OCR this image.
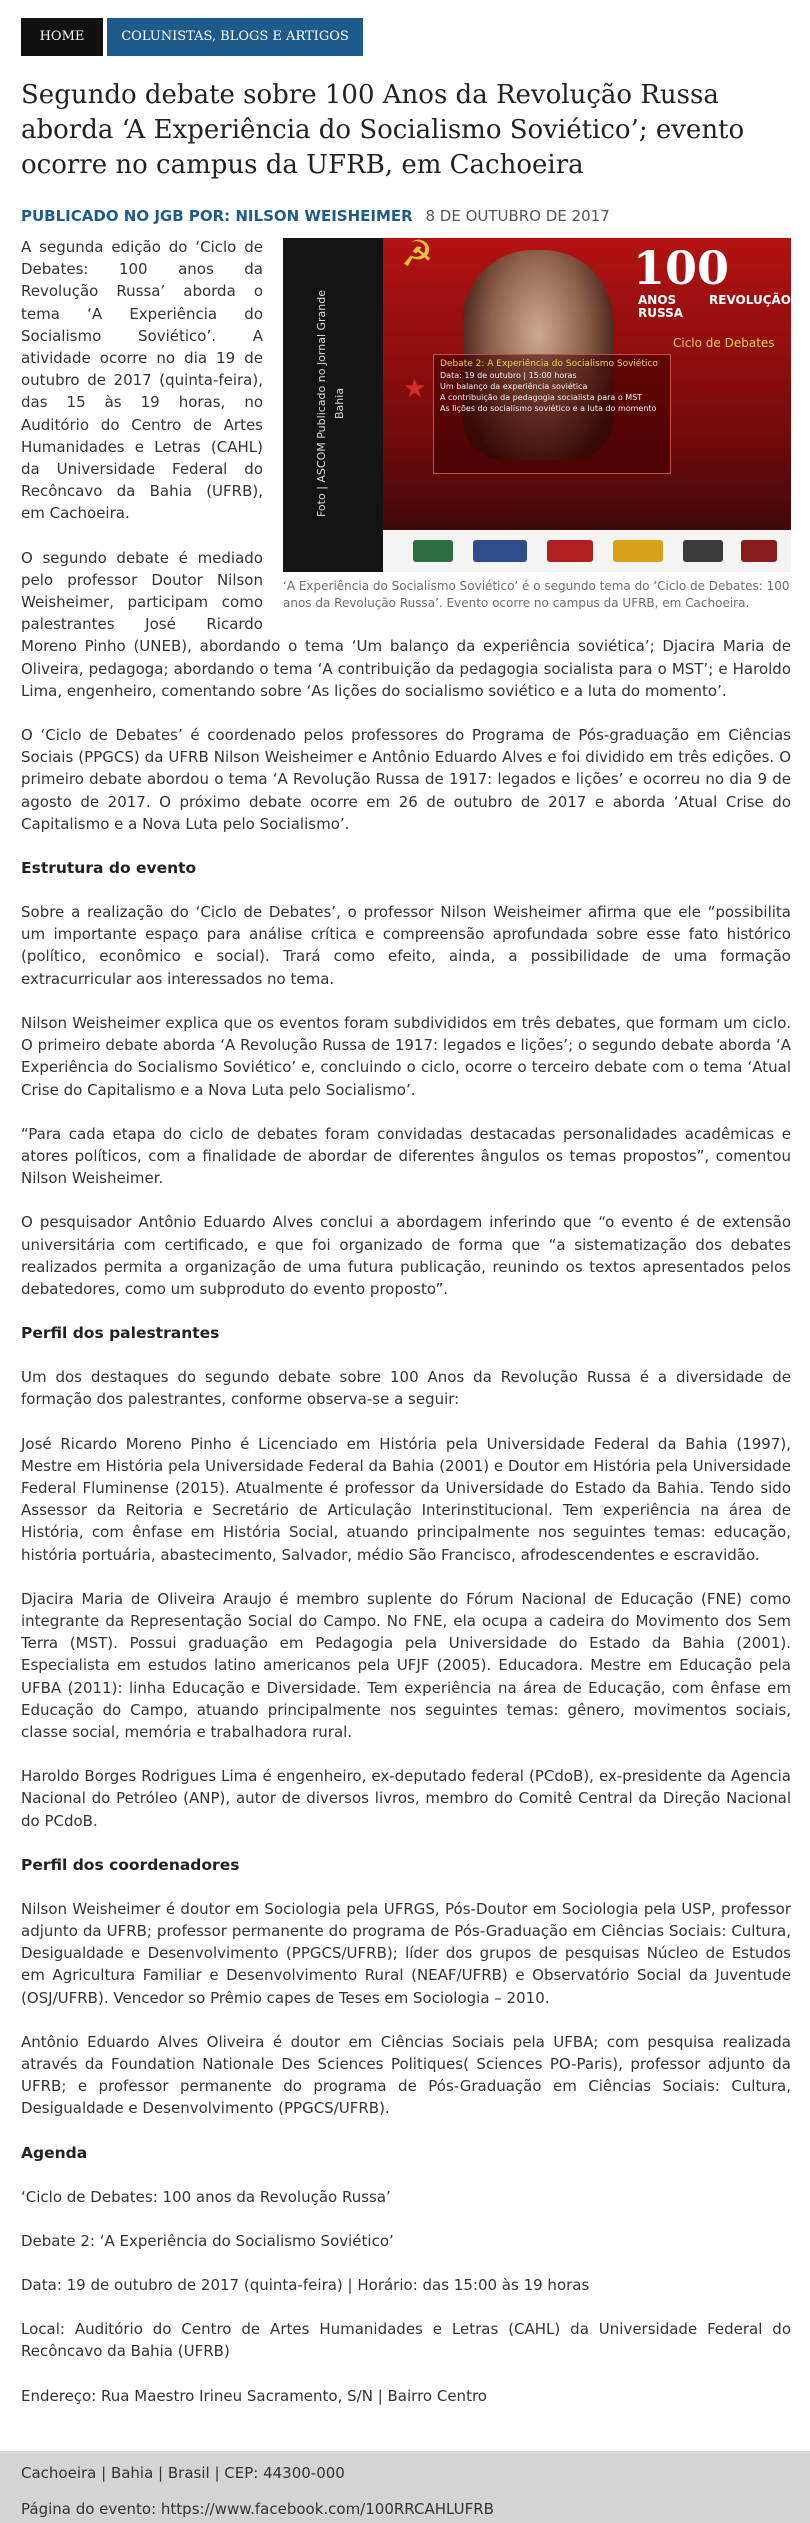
HOME	COLUNISTAS, BLOGS E ARTIGOS
Segundo debate sobre 100 Anos da Revolução Russa aborda ‘A Experiência do Socialismo Soviético’; evento ocorre no campus da UFRB, em Cachoeira
PUBLICADO NO JGB POR: NILSON WEISHEIMER 8 DE OUTUBRO DE 2017
Foto | ASCOM Publicado no Jornal Grande Bahia
☭
★
100
ANOS REVOLUÇÃO RUSSA
Ciclo de Debates
Debate 2: A Experiência do Socialismo Soviético
Data: 19 de outubro | 15:00 horas
Um balanço da experiência soviética
A contribuição da pedagogia socialista para o MST
As lições do socialismo soviético e a luta do momento
‘A Experiência do Socialismo Soviético’ é o segundo tema do ‘Ciclo de Debates: 100 anos da Revolução Russa’. Evento ocorre no campus da UFRB, em Cachoeira.

A segunda edição do ‘Ciclo de Debates: 100 anos da Revolução Russa’ aborda o tema ‘A Experiência do Socialismo Soviético’. A atividade ocorre no dia 19 de outubro de 2017 (quinta-feira), das 15 às 19 horas, no Auditório do Centro de Artes Humanidades e Letras (CAHL) da Universidade Federal do Recôncavo da Bahia (UFRB), em Cachoeira.

O segundo debate é mediado pelo professor Doutor Nilson Weisheimer, participam como palestrantes José Ricardo Moreno Pinho (UNEB), abordando o tema ‘Um balanço da experiência soviética’; Djacira Maria de Oliveira, pedagoga; abordando o tema ‘A contribuição da pedagogia socialista para o MST’; e Haroldo Lima, engenheiro, comentando sobre ‘As lições do socialismo soviético e a luta do momento’.

O ‘Ciclo de Debates’ é coordenado pelos professores do Programa de Pós-graduação em Ciências Sociais (PPGCS) da UFRB Nilson Weisheimer e Antônio Eduardo Alves e foi dividido em três edições. O primeiro debate abordou o tema ‘A Revolução Russa de 1917: legados e lições’ e ocorreu no dia 9 de agosto de 2017. O próximo debate ocorre em 26 de outubro de 2017 e aborda ‘Atual Crise do Capitalismo e a Nova Luta pelo Socialismo’.

Estrutura do evento

Sobre a realização do ‘Ciclo de Debates’, o professor Nilson Weisheimer afirma que ele “possibilita um importante espaço para análise crítica e compreensão aprofundada sobre esse fato histórico (político, econômico e social). Trará como efeito, ainda, a possibilidade de uma formação extracurricular aos interessados no tema.

Nilson Weisheimer explica que os eventos foram subdivididos em três debates, que formam um ciclo. O primeiro debate aborda ‘A Revolução Russa de 1917: legados e lições’; o segundo debate aborda ‘A Experiência do Socialismo Soviético’ e, concluindo o ciclo, ocorre o terceiro debate com o tema ‘Atual Crise do Capitalismo e a Nova Luta pelo Socialismo’.

“Para cada etapa do ciclo de debates foram convidadas destacadas personalidades acadêmicas e atores políticos, com a finalidade de abordar de diferentes ângulos os temas propostos”, comentou Nilson Weisheimer.

O pesquisador Antônio Eduardo Alves conclui a abordagem inferindo que “o evento é de extensão universitária com certificado, e que foi organizado de forma que “a sistematização dos debates realizados permita a organização de uma futura publicação, reunindo os textos apresentados pelos debatedores, como um subproduto do evento proposto”.

Perfil dos palestrantes

Um dos destaques do segundo debate sobre 100 Anos da Revolução Russa é a diversidade de formação dos palestrantes, conforme observa-se a seguir:

José Ricardo Moreno Pinho é Licenciado em História pela Universidade Federal da Bahia (1997), Mestre em História pela Universidade Federal da Bahia (2001) e Doutor em História pela Universidade Federal Fluminense (2015). Atualmente é professor da Universidade do Estado da Bahia. Tendo sido Assessor da Reitoria e Secretário de Articulação Interinstitucional. Tem experiência na área de História, com ênfase em História Social, atuando principalmente nos seguintes temas: educação, história portuária, abastecimento, Salvador, médio São Francisco, afrodescendentes e escravidão.

Djacira Maria de Oliveira Araujo é membro suplente do Fórum Nacional de Educação (FNE) como integrante da Representação Social do Campo. No FNE, ela ocupa a cadeira do Movimento dos Sem Terra (MST). Possui graduação em Pedagogia pela Universidade do Estado da Bahia (2001). Especialista em estudos latino americanos pela UFJF (2005). Educadora. Mestre em Educação pela UFBA (2011): linha Educação e Diversidade. Tem experiência na área de Educação, com ênfase em Educação do Campo, atuando principalmente nos seguintes temas: gênero, movimentos sociais, classe social, memória e trabalhadora rural.

Haroldo Borges Rodrigues Lima é engenheiro, ex-deputado federal (PCdoB), ex-presidente da Agencia Nacional do Petróleo (ANP), autor de diversos livros, membro do Comitê Central da Direção Nacional do PCdoB.

Perfil dos coordenadores

Nilson Weisheimer é doutor em Sociologia pela UFRGS, Pós-Doutor em Sociologia pela USP, professor adjunto da UFRB; professor permanente do programa de Pós-Graduação em Ciências Sociais: Cultura, Desigualdade e Desenvolvimento (PPGCS/UFRB); líder dos grupos de pesquisas Núcleo de Estudos em Agricultura Familiar e Desenvolvimento Rural (NEAF/UFRB) e Observatório Social da Juventude (OSJ/UFRB). Vencedor so Prêmio capes de Teses em Sociologia – 2010.

Antônio Eduardo Alves Oliveira é doutor em Ciências Sociais pela UFBA; com pesquisa realizada através da Foundation Nationale Des Sciences Politiques( Sciences PO-Paris), professor adjunto da UFRB; e professor permanente do programa de Pós-Graduação em Ciências Sociais: Cultura, Desigualdade e Desenvolvimento (PPGCS/UFRB).

Agenda

‘Ciclo de Debates: 100 anos da Revolução Russa’

Debate 2: ‘A Experiência do Socialismo Soviético’

Data: 19 de outubro de 2017 (quinta-feira) | Horário: das 15:00 às 19 horas

Local: Auditório do Centro de Artes Humanidades e Letras (CAHL) da Universidade Federal do Recôncavo da Bahia (UFRB)

Endereço: Rua Maestro Irineu Sacramento, S/N | Bairro Centro

Cachoeira | Bahia | Brasil | CEP: 44300-000
Página do evento: https://www.facebook.com/100RRCAHLUFRB
